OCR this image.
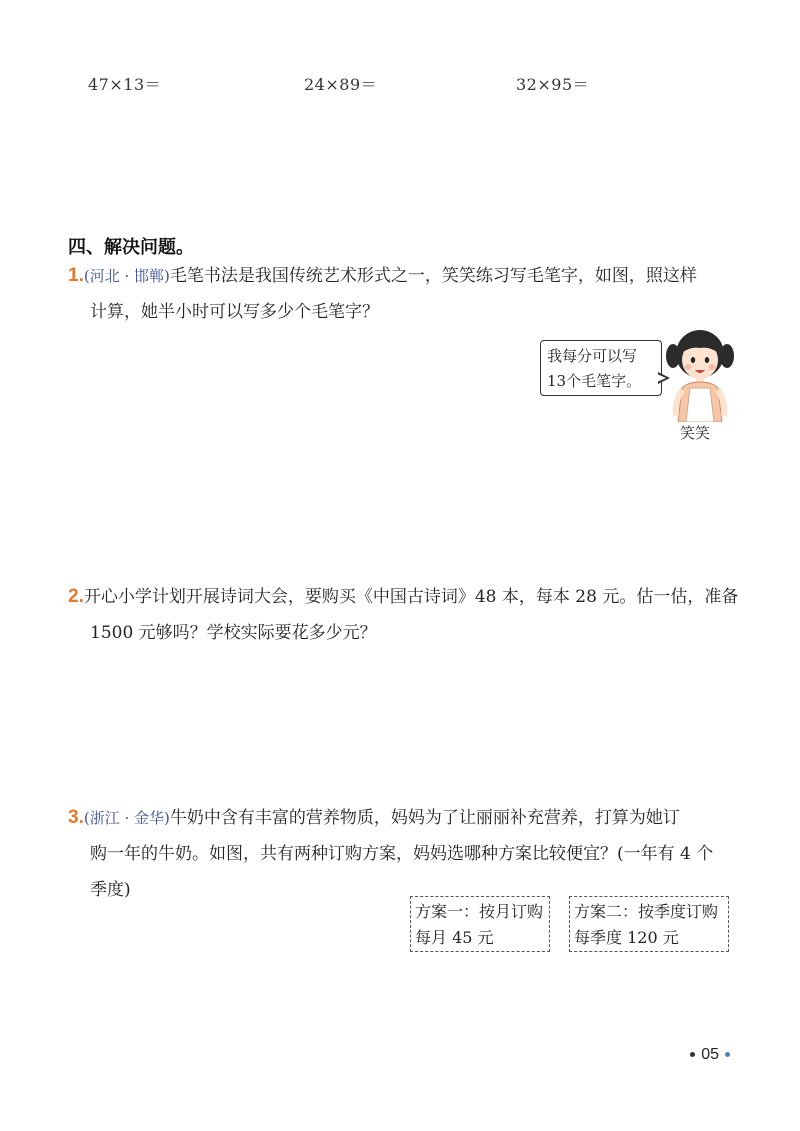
47×13＝	24×89＝	32×95＝
四、解决问题。
1.(河北 · 邯郸)毛笔书法是我国传统艺术形式之一，笑笑练习写毛笔字，如图，照这样
计算，她半小时可以写多少个毛笔字？
我每分可以写
13个毛笔字。
笑笑
2.开心小学计划开展诗词大会，要购买《中国古诗词》48 本，每本 28 元。估一估，准备
1500 元够吗？学校实际要花多少元？
3.(浙江 · 金华)牛奶中含有丰富的营养物质，妈妈为了让丽丽补充营养，打算为她订
购一年的牛奶。如图，共有两种订购方案，妈妈选哪种方案比较便宜？(一年有 4 个
季度)
方案一：按月订购
每月 45 元
方案二：按季度订购
每季度 120 元
05
